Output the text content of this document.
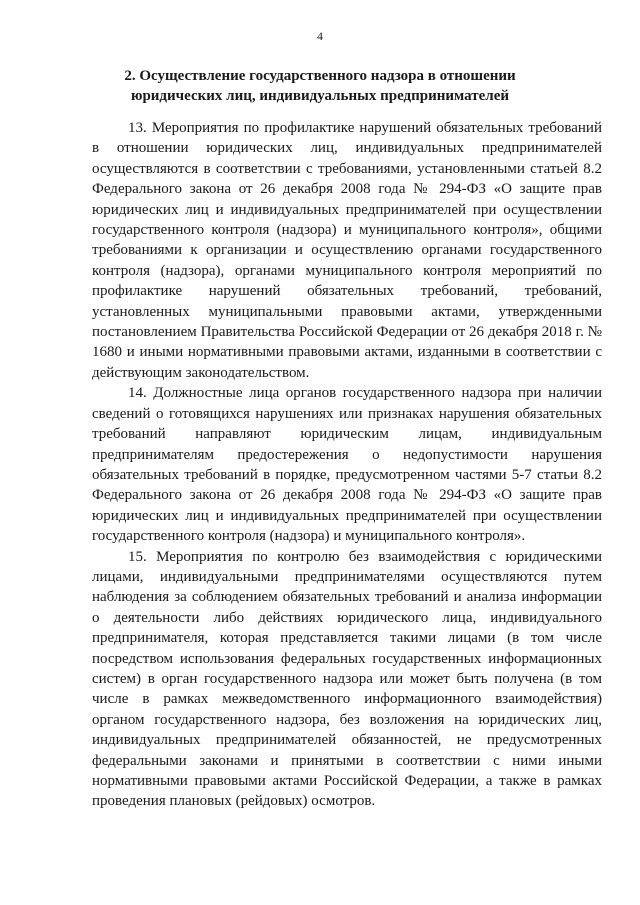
4
2. Осуществление государственного надзора в отношении
юридических лиц, индивидуальных предпринимателей

13. Мероприятия по профилактике нарушений обязательных требований в отношении юридических лиц, индивидуальных предпринимателей осуществляются в соответствии с требованиями, установленными статьей 8.2 Федерального закона от 26 декабря 2008 года № 294-ФЗ «О защите прав юридических лиц и индивидуальных предпринимателей при осуществлении государственного контроля (надзора) и муниципального контроля», общими требованиями к организации и осуществлению органами государственного контроля (надзора), органами муниципального контроля мероприятий по профилактике нарушений обязательных требований, требований, установленных муниципальными правовыми актами, утвержденными постановлением Правительства Российской Федерации от 26 декабря 2018 г. № 1680 и иными нормативными правовыми актами, изданными в соответствии с действующим законодательством.

14. Должностные лица органов государственного надзора при наличии сведений о готовящихся нарушениях или признаках нарушения обязательных требований направляют юридическим лицам, индивидуальным предпринимателям предостережения о недопустимости нарушения обязательных требований в порядке, предусмотренном частями 5-7 статьи 8.2 Федерального закона от 26 декабря 2008 года № 294-ФЗ «О защите прав юридических лиц и индивидуальных предпринимателей при осуществлении государственного контроля (надзора) и муниципального контроля».

15. Мероприятия по контролю без взаимодействия с юридическими лицами, индивидуальными предпринимателями осуществляются путем наблюдения за соблюдением обязательных требований и анализа информации о деятельности либо действиях юридического лица, индивидуального предпринимателя, которая представляется такими лицами (в том числе посредством использования федеральных государственных информационных систем) в орган государственного надзора или может быть получена (в том числе в рамках межведомственного информационного взаимодействия) органом государственного надзора, без возложения на юридических лиц, индивидуальных предпринимателей обязанностей, не предусмотренных федеральными законами и принятыми в соответствии с ними иными нормативными правовыми актами Российской Федерации, а также в рамках проведения плановых (рейдовых) осмотров.
